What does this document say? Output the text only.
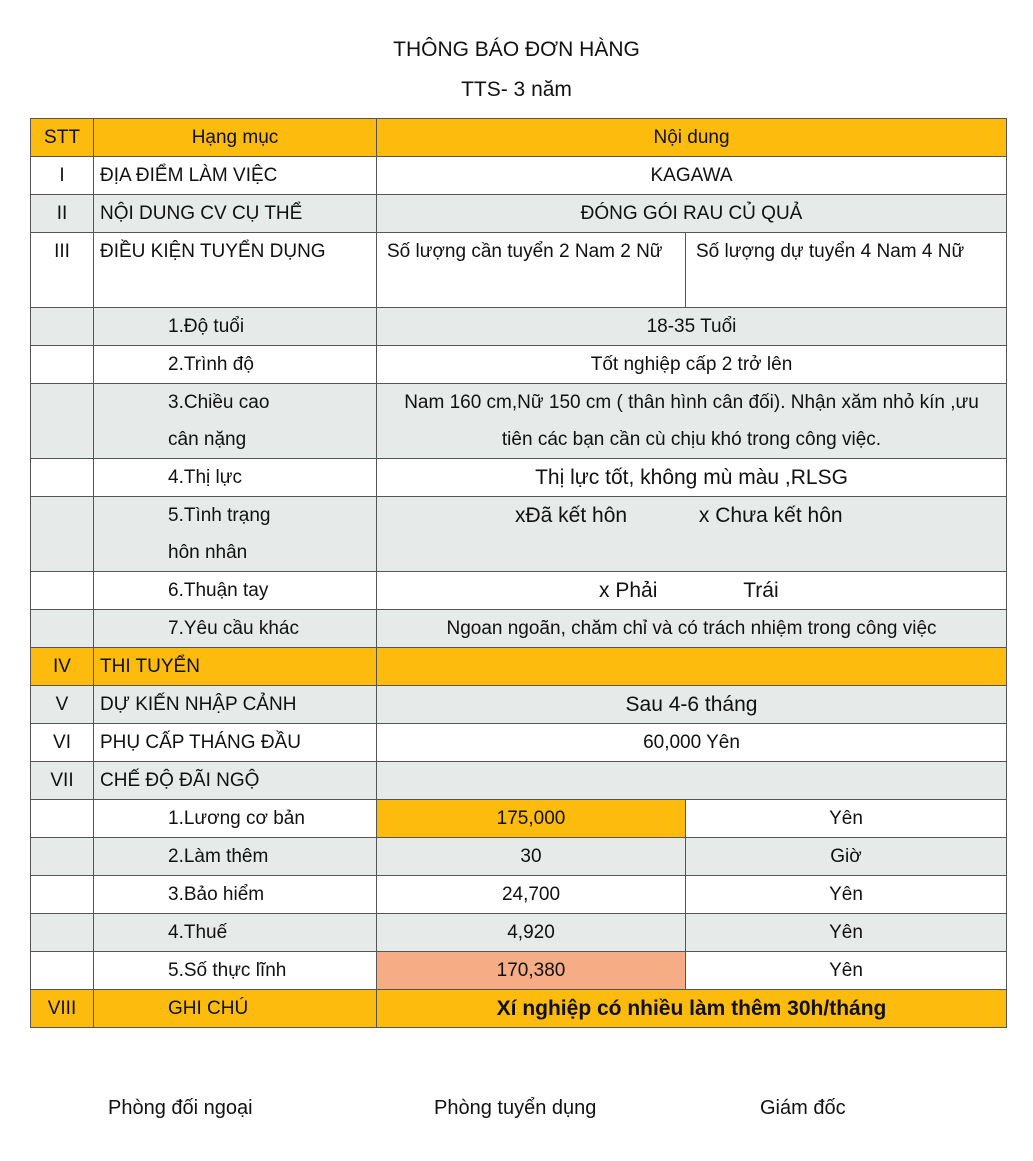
THÔNG BÁO ĐƠN HÀNG
TTS- 3 năm
STT	Hạng mục	Nội dung	
I	ĐỊA ĐIỂM LÀM VIỆC	KAGAWA	
II	NỘI DUNG CV CỤ THỂ	ĐÓNG GÓI RAU CỦ QUẢ	
III	ĐIỀU KIỆN TUYỂN DỤNG	Số lượng cần tuyển 2 Nam 2 Nữ	Số lượng dự tuyển 4 Nam 4 Nữ
	1.Độ tuổi	18-35 Tuổi	
	2.Trình độ	Tốt nghiệp cấp 2 trở lên	
	3.Chiều cao cân nặng	Nam 160 cm,Nữ 150 cm ( thân hình cân đối). Nhận xăm nhỏ kín ,ưu tiên các bạn cần cù chịu khó trong công việc.	
	4.Thị lực	Thị lực tốt, không mù màu ,RLSG	
	5.Tình trạng hôn nhân	xĐã kết hôn x Chưa kết hôn	
	6.Thuận tay	x Phải Trái	
	7.Yêu cầu khác	Ngoan ngoãn, chăm chỉ và có trách nhiệm trong công việc	
IV	THI TUYỂN		
V	DỰ KIẾN NHẬP CẢNH	Sau 4-6 tháng	
VI	PHỤ CẤP THÁNG ĐẦU	60,000 Yên	
VII	CHẾ ĐỘ ĐÃI NGỘ		
	1.Lương cơ bản	175,000	Yên
	2.Làm thêm	30	Giờ
	3.Bảo hiểm	24,700	Yên
	4.Thuế	4,920	Yên
	5.Số thực lĩnh	170,380	Yên
VIII	GHI CHÚ	Xí nghiệp có nhiều làm thêm 30h/tháng	
Phòng đối ngoại	Phòng tuyển dụng	Giám đốc
